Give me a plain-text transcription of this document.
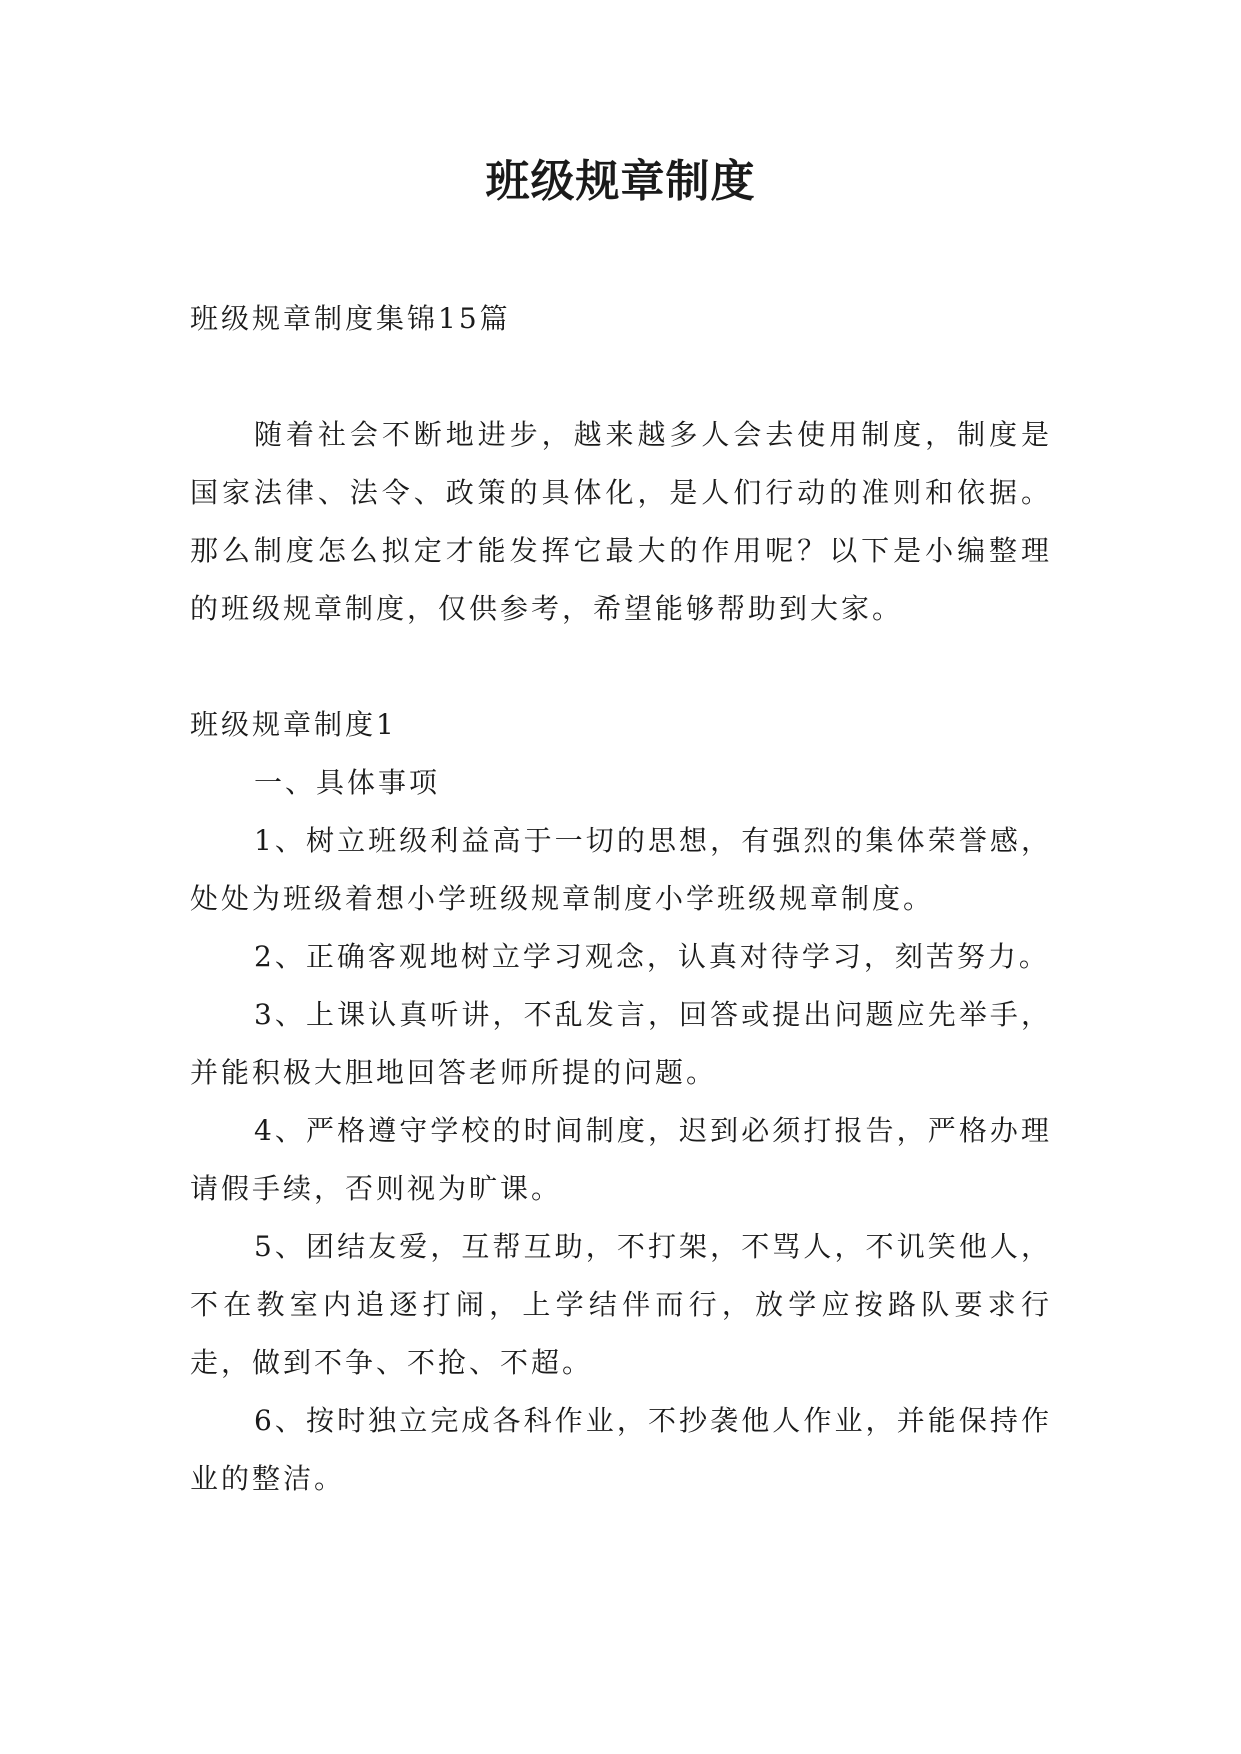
班级规章制度

班级规章制度集锦15篇

随着社会不断地进步，越来越多人会去使用制度，制度是国家法律、法令、政策的具体化，是人们行动的准则和依据。那么制度怎么拟定才能发挥它最大的作用呢？以下是小编整理的班级规章制度，仅供参考，希望能够帮助到大家。

班级规章制度1

一、具体事项

1、树立班级利益高于一切的思想，有强烈的集体荣誉感，处处为班级着想小学班级规章制度小学班级规章制度。

2、正确客观地树立学习观念，认真对待学习，刻苦努力。

3、上课认真听讲，不乱发言，回答或提出问题应先举手，并能积极大胆地回答老师所提的问题。

4、严格遵守学校的时间制度，迟到必须打报告，严格办理请假手续，否则视为旷课。

5、团结友爱，互帮互助，不打架，不骂人，不讥笑他人，不在教室内追逐打闹，上学结伴而行，放学应按路队要求行走，做到不争、不抢、不超。

6、按时独立完成各科作业，不抄袭他人作业，并能保持作业的整洁。
